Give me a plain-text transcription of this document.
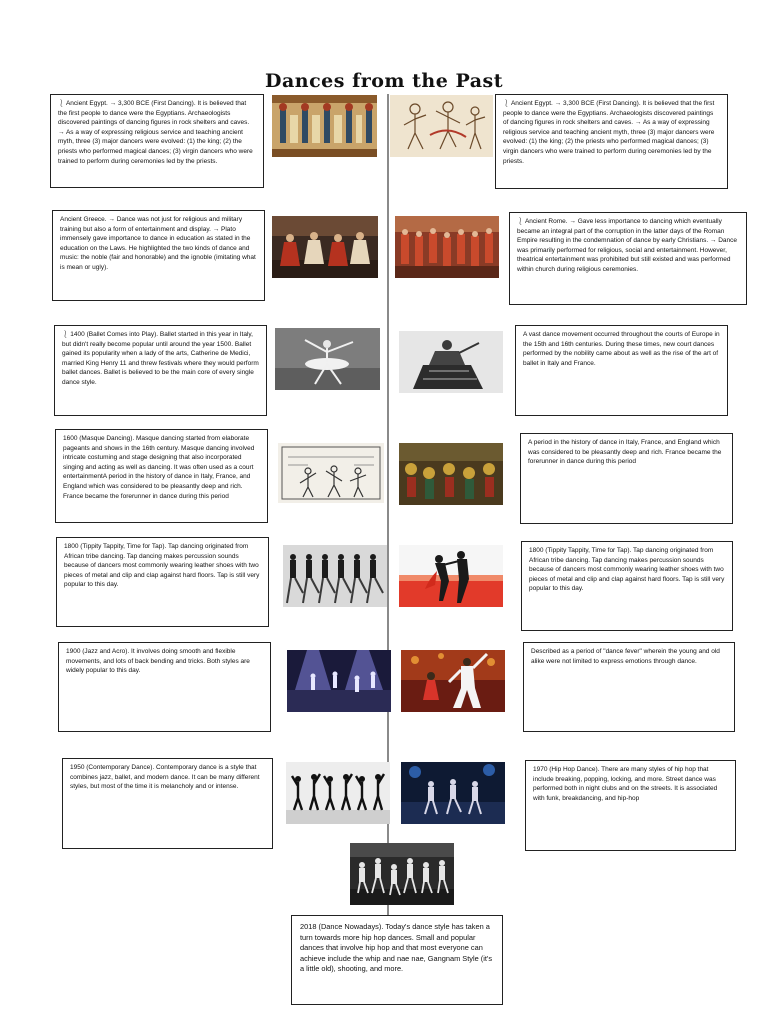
Dances from the Past
⎱ Ancient Egypt. → 3,300 BCE (First Dancing). It is believed that the first people to dance were the Egyptians. Archaeologists discovered paintings of dancing figures in rock shelters and caves. → As a way of expressing religious service and teaching ancient myth, three (3) major dancers were evolved: (1) the king; (2) the priests who performed magical dances; (3) virgin dancers who were trained to perform during ceremonies led by the priests.
⎱ Ancient Egypt. → 3,300 BCE (First Dancing). It is believed that the first people to dance were the Egyptians. Archaeologists discovered paintings of dancing figures in rock shelters and caves. → As a way of expressing religious service and teaching ancient myth, three (3) major dancers were evolved: (1) the king; (2) the priests who performed magical dances; (3) virgin dancers who were trained to perform during ceremonies led by the priests.
Ancient Greece. → Dance was not just for religious and military training but also a form of entertainment and display. → Plato immensely gave importance to dance in education as stated in the education on the Laws. He highlighted the two kinds of dance and music: the noble (fair and honorable) and the ignoble (imitating what is mean or ugly).
⎱ Ancient Rome. → Gave less importance to dancing which eventually became an integral part of the corruption in the latter days of the Roman Empire resulting in the condemnation of dance by early Christians. → Dance was primarily performed for religious, social and entertainment. However, theatrical entertainment was prohibited but still existed and was performed within church during religious ceremonies.
⎱ 1400 (Ballet Comes into Play). Ballet started in this year in Italy, but didn't really become popular until around the year 1500. Ballet gained its popularity when a lady of the arts, Catherine de Medici, married King Henry 11 and threw festivals where they would perform ballet dances. Ballet is believed to be the main core of every single dance style.
A vast dance movement occurred throughout the courts of Europe in the 15th and 16th centuries. During these times, new court dances performed by the nobility came about as well as the rise of the art of ballet in Italy and France.
1600 (Masque Dancing). Masque dancing started from elaborate pageants and shows in the 16th century. Masque dancing involved intricate costuming and stage designing that also incorporated singing and acting as well as dancing. It was often used as a court entertainmentA period in the history of dance in Italy, France, and England which was considered to be pleasantly deep and rich. France became the forerunner in dance during this period
A period in the history of dance in Italy, France, and England which was considered to be pleasantly deep and rich. France became the forerunner in dance during this period
1800 (Tippity Tappity, Time for Tap). Tap dancing originated from African tribe dancing. Tap dancing makes percussion sounds because of dancers most commonly wearing leather shoes with two pieces of metal and clip and clap against hard floors. Tap is still very popular to this day.
1800 (Tippity Tappity, Time for Tap). Tap dancing originated from African tribe dancing. Tap dancing makes percussion sounds because of dancers most commonly wearing leather shoes with two pieces of metal and clip and clap against hard floors. Tap is still very popular to this day.
1900 (Jazz and Acro). It involves doing smooth and flexible movements, and lots of back bending and tricks. Both styles are widely popular to this day.
Described as a period of "dance fever" wherein the young and old alike were not limited to express emotions through dance.
1950 (Contemporary Dance). Contemporary dance is a style that combines jazz, ballet, and modern dance. It can be many different styles, but most of the time it is melancholy and or intense.
1970 (Hip Hop Dance). There are many styles of hip hop that include breaking, popping, locking, and more. Street dance was performed both in night clubs and on the streets. It is associated with funk, breakdancing, and hip-hop
2018 (Dance Nowadays). Today's dance style has taken a turn towards more hip hop dances. Small and popular dances that involve hip hop and that most everyone can achieve include the whip and nae nae, Gangnam Style (it's a little old), shooting, and more.
